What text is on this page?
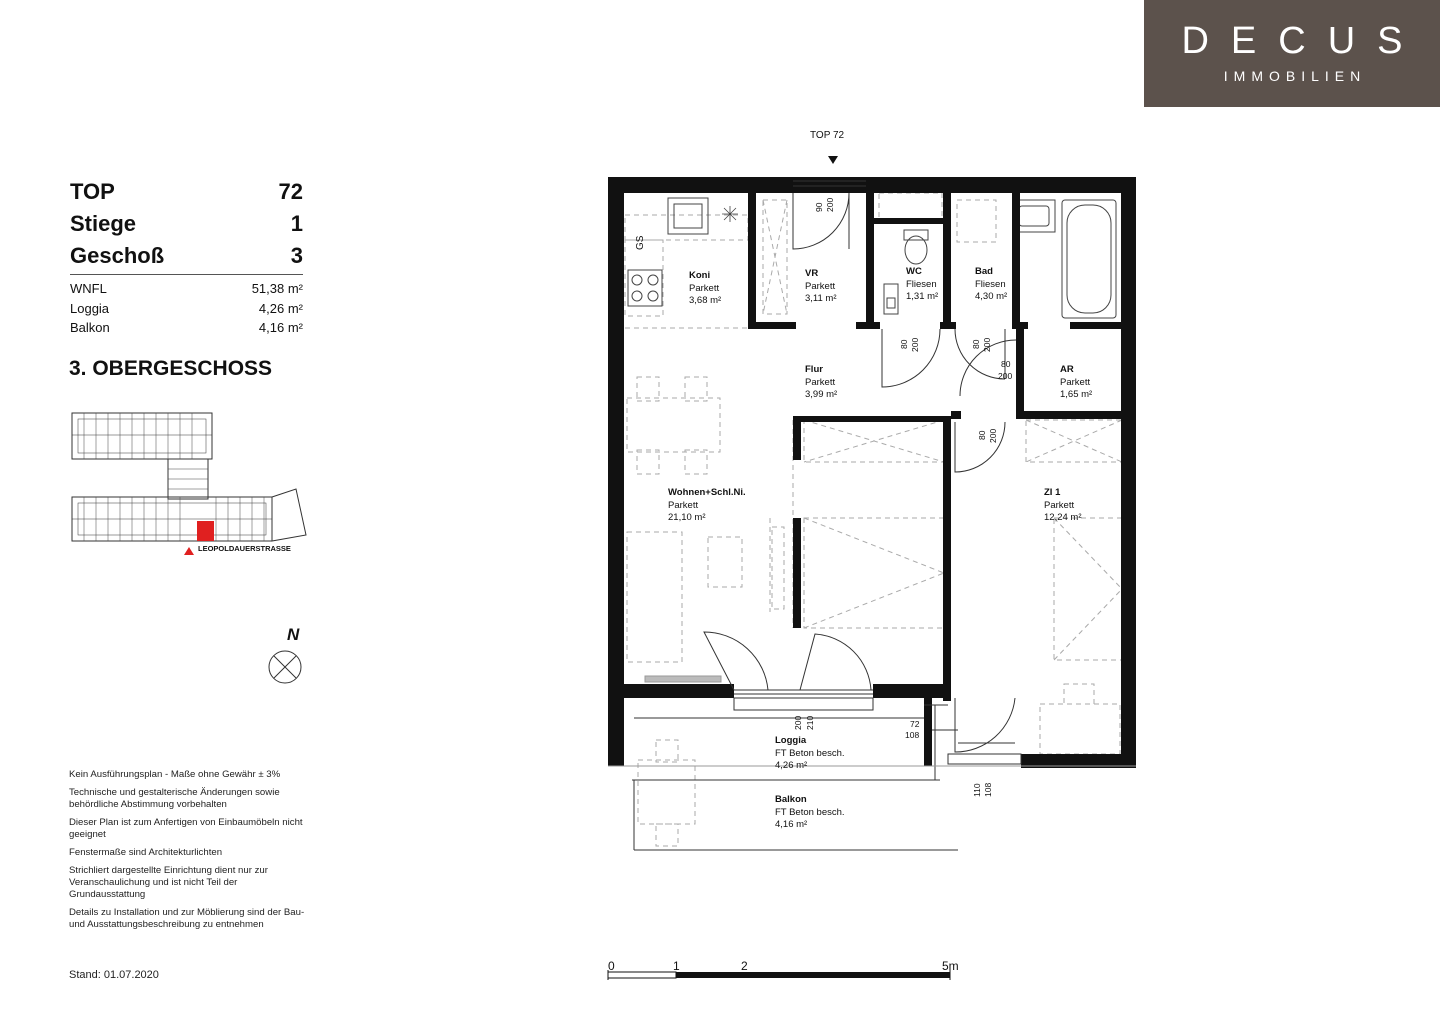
DECUS
IMMOBILIEN
TOP	72
Stiege	1
Geschoß	3
WNFL	51,38 m²
Loggia	4,26 m²
Balkon	4,16 m²
3. OBERGESCHOSS
LEOPOLDAUERSTRASSE
N

Kein Ausführungsplan - Maße ohne Gewähr ± 3%

Technische und gestalterische Änderungen sowie behördliche Abstimmung vorbehalten

Dieser Plan ist zum Anfertigen von Einbaumöbeln nicht geeignet

Fenstermaße sind Architekturlichten

Strichliert dargestellte Einrichtung dient nur zur Veranschaulichung und ist nicht Teil der Grundausstattung

Details zu Installation und zur Möblierung sind der Bau- und Ausstattungsbeschreibung zu entnehmen

Stand: 01.07.2020
TOP 72
GS
90 200
80 200	80 200
80
200
80 200
200 210	72
108
110 108
Koni
Parkett
3,68 m²
VR
Parkett
3,11 m²
WC
Fliesen
1,31 m²
Bad
Fliesen
4,30 m²
Flur
Parkett
3,99 m²
AR
Parkett
1,65 m²
Wohnen+Schl.Ni.
Parkett
21,10 m²
ZI 1
Parkett
12,24 m²
Loggia
FT Beton besch.
4,26 m²
Balkon
FT Beton besch.
4,16 m²
0	1	2	5m
